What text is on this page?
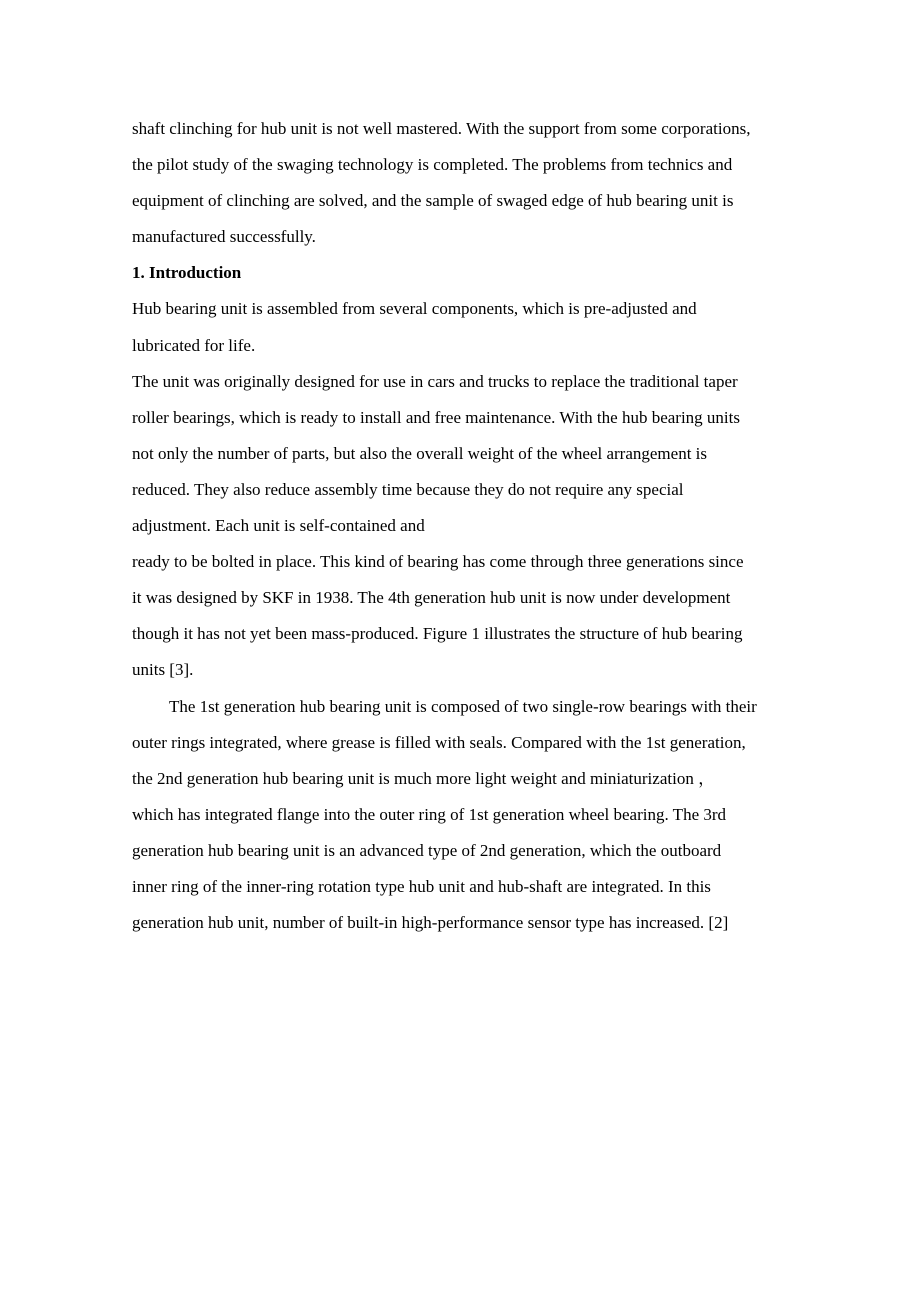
shaft clinching for hub unit is not well mastered. With the support from some corporations,
the pilot study of the swaging technology is completed. The problems from technics and
equipment of clinching are solved, and the sample of swaged edge of hub bearing unit is
manufactured successfully.
1. Introduction
Hub bearing unit is assembled from several components, which is pre-adjusted and
lubricated for life.
The unit was originally designed for use in cars and trucks to replace the traditional taper
roller bearings, which is ready to install and free maintenance. With the hub bearing units
not only the number of parts, but also the overall weight of the wheel arrangement is
reduced. They also reduce assembly time because they do not require any special
adjustment. Each unit is self-contained and
ready to be bolted in place. This kind of bearing has come through three generations since
it was designed by SKF in 1938. The 4th generation hub unit is now under development
though it has not yet been mass-produced. Figure 1 illustrates the structure of hub bearing
units [3].
The 1st generation hub bearing unit is composed of two single-row bearings with their
outer rings integrated, where grease is filled with seals. Compared with the 1st generation,
the 2nd generation hub bearing unit is much more light weight and miniaturization ，
which has integrated flange into the outer ring of 1st generation wheel bearing. The 3rd
generation hub bearing unit is an advanced type of 2nd generation, which the outboard
inner ring of the inner-ring rotation type hub unit and hub-shaft are integrated. In this
generation hub unit, number of built-in high-performance sensor type has increased. [2]
